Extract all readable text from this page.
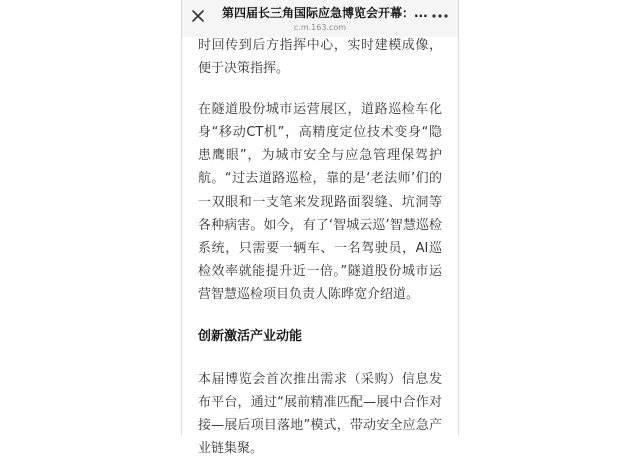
第四届长三角国际应急博览会开幕：...
c.m.163.com

时回传到后方指挥中心，实时建模成像，便于决策指挥。

在隧道股份城市运营展区，道路巡检车化身“移动CT机”，高精度定位技术变身“隐患鹰眼”，为城市安全与应急管理保驾护航。“过去道路巡检，靠的是‘老法师’们的一双眼和一支笔来发现路面裂缝、坑洞等各种病害。如今，有了‘智城云巡’智慧巡检系统，只需要一辆车、一名驾驶员，AI巡检效率就能提升近一倍。”隧道股份城市运营智慧巡检项目负责人陈晔宽介绍道。

创新激活产业动能

本届博览会首次推出需求（采购）信息发布平台，通过“展前精准匹配—展中合作对接—展后项目落地”模式，带动安全应急产业链集聚。
